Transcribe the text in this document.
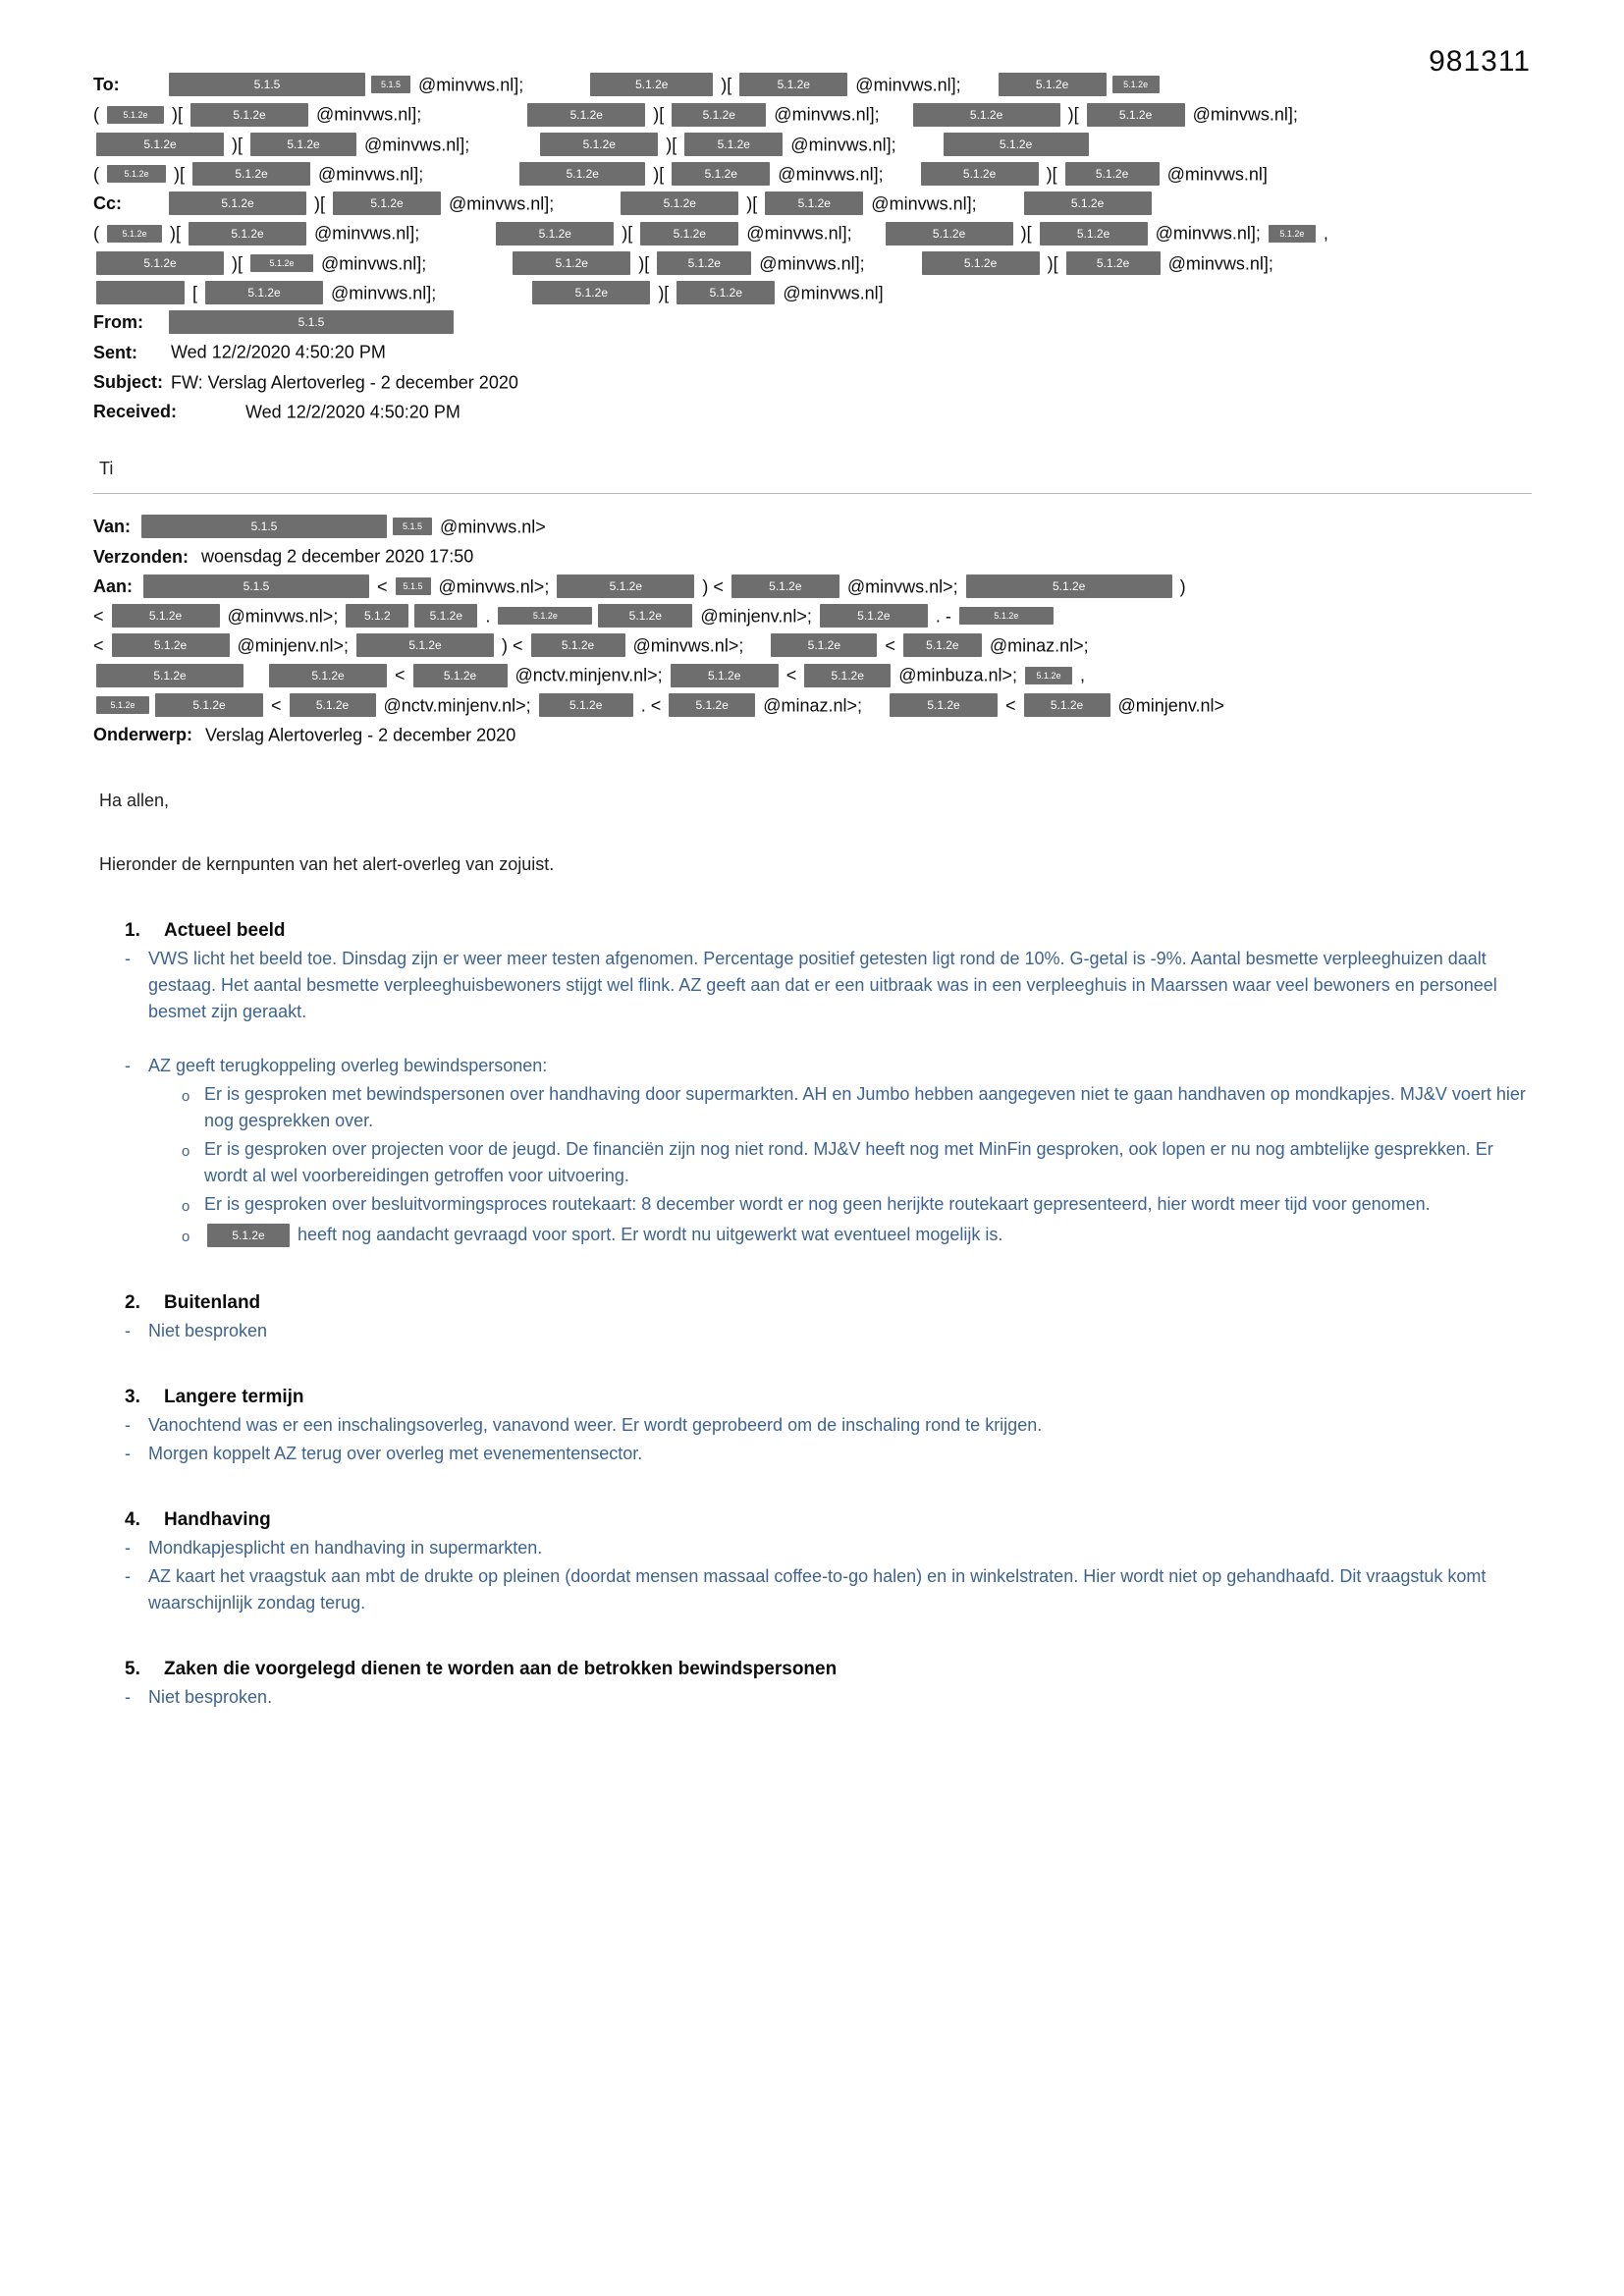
981311
To:	5.1.5	5.1.5 @minvws.nl];	5.1.2e	)[	5.1.2e @minvws.nl];	5.1.2e	5.1.2e
( 5.1.2e )[	5.1.2e	@minvws.nl];	5.1.2e	)[	5.1.2e @minvws.nl];	5.1.2e	)[	5.1.2e @minvws.nl];
5.1.2e	)[	5.1.2e @minvws.nl];	5.1.2e	)[	5.1.2e @minvws.nl];	5.1.2e
( 5.1.2e )[	5.1.2e	@minvws.nl];	5.1.2e	)[	5.1.2e @minvws.nl];	5.1.2e	)[	5.1.2e @minvws.nl]
Cc:	5.1.2e	)[	5.1.2e @minvws.nl];	5.1.2e	)[	5.1.2e @minvws.nl];	5.1.2e
( 5.1.2e )[	5.1.2e	@minvws.nl];	5.1.2e	)[	5.1.2e @minvws.nl];	5.1.2e	)[	5.1.2e @minvws.nl]; 5.1.2e ,
5.1.2e	)[ 5.1.2e @minvws.nl];	5.1.2e	)[	5.1.2e @minvws.nl];	5.1.2e	)[	5.1.2e @minvws.nl];
[	5.1.2e	@minvws.nl];	5.1.2e	)[	5.1.2e @minvws.nl]
From:	5.1.5
Sent: Wed 12/2/2020 4:50:20 PM
Subject: FW: Verslag Alertoverleg - 2 december 2020
Received:	Wed 12/2/2020 4:50:20 PM
Ti
Van:	5.1.5	5.1.5 @minvws.nl>
Verzonden: woensdag 2 december 2020 17:50
Aan:	5.1.5	< 5.1.5 @minvws.nl>;	5.1.2e	) <	5.1.2e @minvws.nl>;	5.1.2e	)
<	5.1.2e @minvws.nl>; 5.1.2	5.1.2e .	5.1.2e	5.1.2e @minjenv.nl>;	5.1.2e . -	5.1.2e
<	5.1.2e	@minjenv.nl>;	5.1.2e	) <	5.1.2e @minvws.nl>;	5.1.2e < 5.1.2e @minaz.nl>;
5.1.2e	5.1.2e	<	5.1.2e @nctv.minjenv.nl>;	5.1.2e <	5.1.2e @minbuza.nl>; 5.1.2e ,
5.1.2e	5.1.2e <	5.1.2e @nctv.minjenv.nl>;	5.1.2e . <	5.1.2e @minaz.nl>;	5.1.2e <	5.1.2e @minjenv.nl>
Onderwerp: Verslag Alertoverleg - 2 december 2020

Ha allen,

Hieronder de kernpunten van het alert-overleg van zojuist.

1.	Actueel beeld
-	VWS licht het beeld toe. Dinsdag zijn er weer meer testen afgenomen. Percentage positief getesten ligt rond de 10%. G-getal is -9%. Aantal besmette verpleeghuizen daalt gestaag. Het aantal besmette verpleeghuisbewoners stijgt wel flink. AZ geeft aan dat er een uitbraak was in een verpleeghuis in Maarssen waar veel bewoners en personeel besmet zijn geraakt.
-	AZ geeft terugkoppeling overleg bewindspersonen:
o Er is gesproken met bewindspersonen over handhaving door supermarkten. AH en Jumbo hebben aangegeven niet te gaan handhaven op mondkapjes. MJ&V voert hier nog gesprekken over.
o Er is gesproken over projecten voor de jeugd. De financiën zijn nog niet rond. MJ&V heeft nog met MinFin gesproken, ook lopen er nu nog ambtelijke gesprekken. Er wordt al wel voorbereidingen getroffen voor uitvoering.
o Er is gesproken over besluitvormingsproces routekaart: 8 december wordt er nog geen herijkte routekaart gepresenteerd, hier wordt meer tijd voor genomen.
o	5.1.2e heeft nog aandacht gevraagd voor sport. Er wordt nu uitgewerkt wat eventueel mogelijk is.
2.	Buitenland
-	Niet besproken
3.	Langere termijn
-	Vanochtend was er een inschalingsoverleg, vanavond weer. Er wordt geprobeerd om de inschaling rond te krijgen.
-	Morgen koppelt AZ terug over overleg met evenementensector.
4.	Handhaving
-	Mondkapjesplicht en handhaving in supermarkten.
-	AZ kaart het vraagstuk aan mbt de drukte op pleinen (doordat mensen massaal coffee-to-go halen) en in winkelstraten. Hier wordt niet op gehandhaafd. Dit vraagstuk komt waarschijnlijk zondag terug.
5.	Zaken die voorgelegd dienen te worden aan de betrokken bewindspersonen
-	Niet besproken.
